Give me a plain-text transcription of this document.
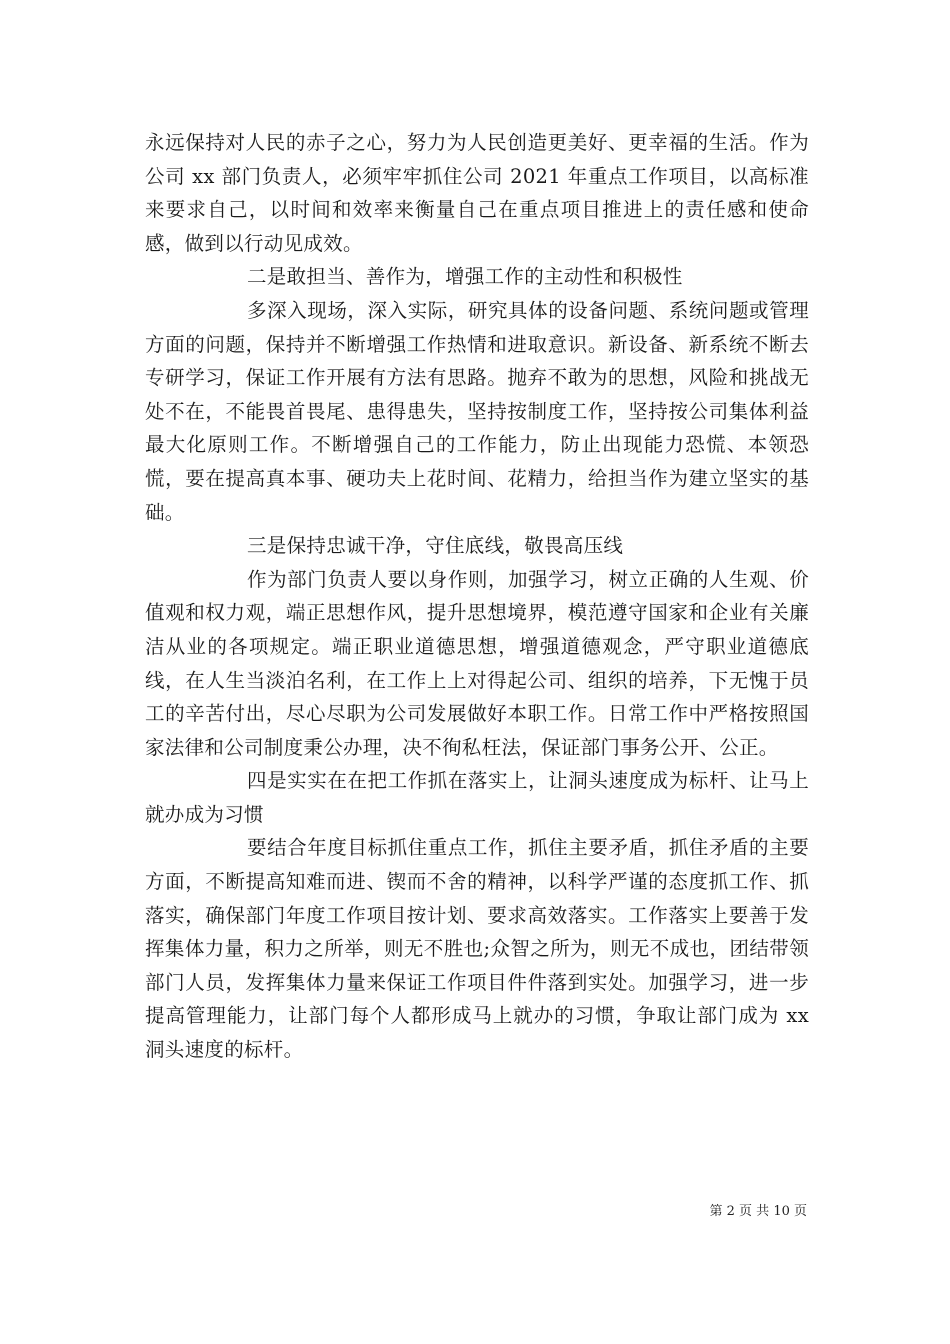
永远保持对人民的赤子之心，努力为人民创造更美好、更幸福的生活。作为公司 xx 部门负责人，必须牢牢抓住公司 2021 年重点工作项目，以高标准来要求自己，以时间和效率来衡量自己在重点项目推进上的责任感和使命感，做到以行动见成效。

二是敢担当、善作为，增强工作的主动性和积极性

多深入现场，深入实际，研究具体的设备问题、系统问题或管理方面的问题，保持并不断增强工作热情和进取意识。新设备、新系统不断去专研学习，保证工作开展有方法有思路。抛弃不敢为的思想，风险和挑战无处不在，不能畏首畏尾、患得患失，坚持按制度工作，坚持按公司集体利益最大化原则工作。不断增强自己的工作能力，防止出现能力恐慌、本领恐慌，要在提高真本事、硬功夫上花时间、花精力，给担当作为建立坚实的基础。

三是保持忠诚干净，守住底线，敬畏高压线

作为部门负责人要以身作则，加强学习，树立正确的人生观、价值观和权力观，端正思想作风，提升思想境界，模范遵守国家和企业有关廉洁从业的各项规定。端正职业道德思想，增强道德观念，严守职业道德底线，在人生当淡泊名利，在工作上上对得起公司、组织的培养，下无愧于员工的辛苦付出，尽心尽职为公司发展做好本职工作。日常工作中严格按照国家法律和公司制度秉公办理，决不徇私枉法，保证部门事务公开、公正。

四是实实在在把工作抓在落实上，让洞头速度成为标杆、让马上就办成为习惯

要结合年度目标抓住重点工作，抓住主要矛盾，抓住矛盾的主要方面，不断提高知难而进、锲而不舍的精神，以科学严谨的态度抓工作、抓落实，确保部门年度工作项目按计划、要求高效落实。工作落实上要善于发挥集体力量，积力之所举，则无不胜也;众智之所为，则无不成也，团结带领部门人员，发挥集体力量来保证工作项目件件落到实处。加强学习，进一步提高管理能力，让部门每个人都形成马上就办的习惯，争取让部门成为 xx 洞头速度的标杆。

第 2 页 共 10 页
